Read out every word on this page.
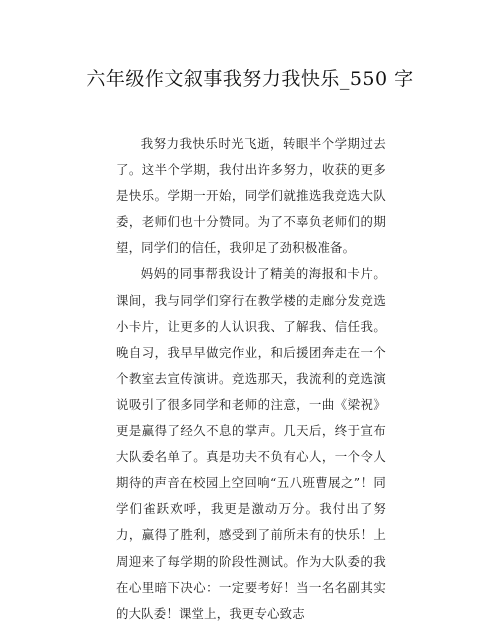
六年级作文叙事我努力我快乐_550 字

我努力我快乐时光飞逝，转眼半个学期过去了。这半个学期，我付出许多努力，收获的更多是快乐。学期一开始，同学们就推选我竞选大队委，老师们也十分赞同。为了不辜负老师们的期望，同学们的信任，我卯足了劲积极准备。

妈妈的同事帮我设计了精美的海报和卡片。课间，我与同学们穿行在教学楼的走廊分发竞选小卡片，让更多的人认识我、了解我、信任我。晚自习，我早早做完作业，和后援团奔走在一个个教室去宣传演讲。竞选那天，我流利的竞选演说吸引了很多同学和老师的注意，一曲《梁祝》更是赢得了经久不息的掌声。几天后，终于宣布大队委名单了。真是功夫不负有心人，一个令人期待的声音在校园上空回响“五八班曹展之”！同学们雀跃欢呼，我更是激动万分。我付出了努力，赢得了胜利，感受到了前所未有的快乐！上周迎来了每学期的阶段性测试。作为大队委的我在心里暗下决心：一定要考好！当一名名副其实的大队委！课堂上，我更专心致志
